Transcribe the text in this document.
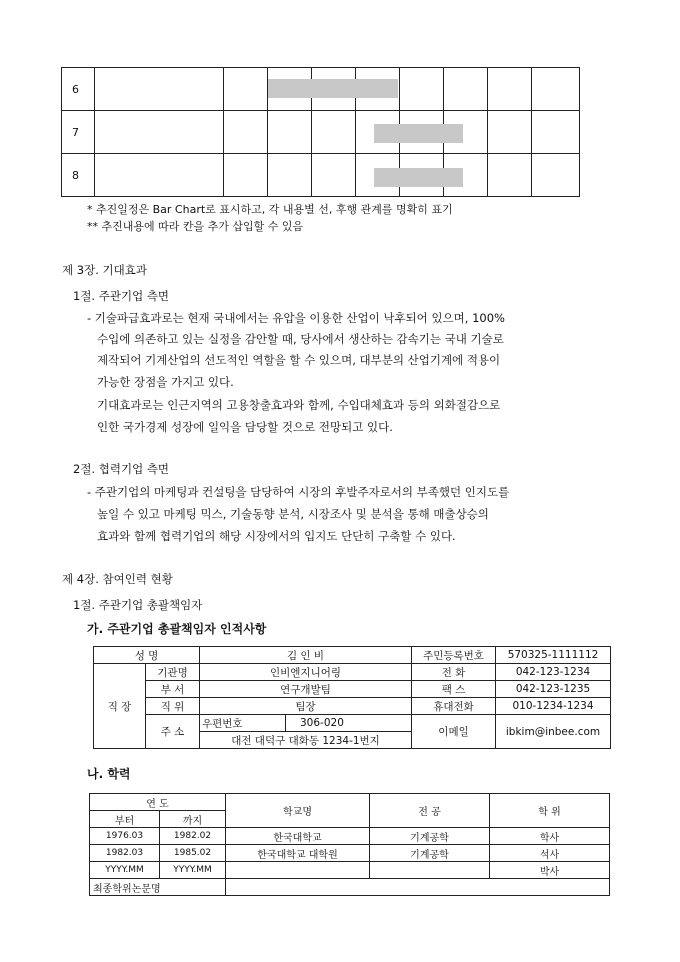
6									
7									
8									
* 추진일정은 Bar Chart로 표시하고, 각 내용별 선, 후행 관계를 명확히 표기
** 추진내용에 따라 칸을 추가 삽입할 수 있음
제 3장. 기대효과
1절. 주관기업 측면
- 기술파급효과로는 현재 국내에서는 유압을 이용한 산업이 낙후되어 있으며, 100%
수입에 의존하고 있는 실정을 감안할 때, 당사에서 생산하는 감속기는 국내 기술로
제작되어 기계산업의 선도적인 역할을 할 수 있으며, 대부분의 산업기계에 적용이
가능한 장점을 가지고 있다.
기대효과로는 인근지역의 고용창출효과와 함께, 수입대체효과 등의 외화절감으로
인한 국가경제 성장에 일익을 담당할 것으로 전망되고 있다.
2절. 협력기업 측면
- 주관기업의 마케팅과 컨설팅을 담당하여 시장의 후발주자로서의 부족했던 인지도를
높일 수 있고 마케팅 믹스, 기술동향 분석, 시장조사 및 분석을 통해 매출상승의
효과와 함께 협력기업의 해당 시장에서의 입지도 단단히 구축할 수 있다.
제 4장. 참여인력 현황
1절. 주관기업 총괄책임자
가. 주관기업 총괄책임자 인적사항
성 명		김 인 비		주민등록번호	570325-1111112
직 장	기관명	인비엔지니어링		전 화	042-123-1234
	부 서	연구개발팀		팩 스	042-123-1235
	직 위	팀장		휴대전화	010-1234-1234
	주 소	우편번호	306-020	이메일	ibkim@inbee.com
		대전 대덕구 대화동 1234-1번지			
나. 학력
연 도		학교명	전 공	학 위
부터	까지			
1976.03	1982.02	한국대학교	기계공학	학사
1982.03	1985.02	한국대학교 대학원	기계공학	석사
YYYY.MM	YYYY.MM			박사
최종학위논문명				
